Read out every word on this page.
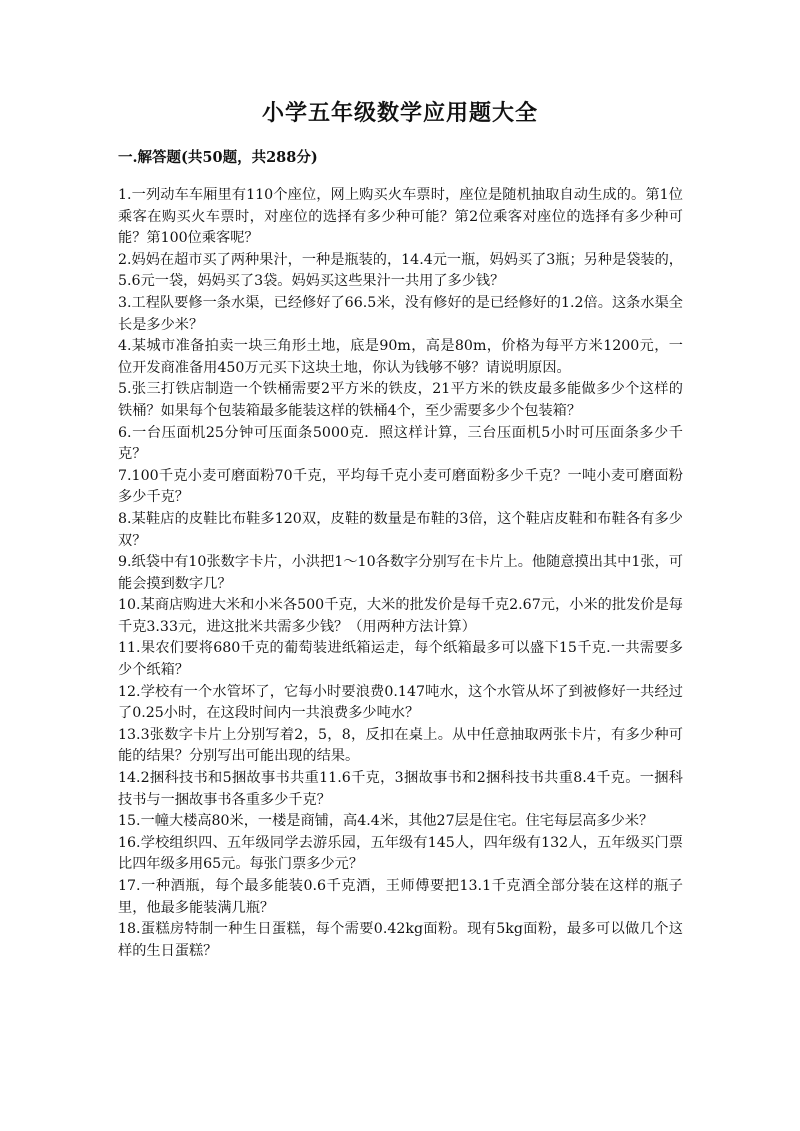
小学五年级数学应用题大全
一.解答题(共50题，共288分)

1.一列动车车厢里有110个座位，网上购买火车票时，座位是随机抽取自动生成的。第1位乘客在购买火车票时，对座位的选择有多少种可能？第2位乘客对座位的选择有多少种可能？第100位乘客呢？

2.妈妈在超市买了两种果汁，一种是瓶装的，14.4元一瓶，妈妈买了3瓶；另种是袋装的，5.6元一袋，妈妈买了3袋。妈妈买这些果汁一共用了多少钱？

3.工程队要修一条水渠，已经修好了66.5米，没有修好的是已经修好的1.2倍。这条水渠全长是多少米？

4.某城市准备拍卖一块三角形土地，底是90m，高是80m，价格为每平方米1200元，一位开发商准备用450万元买下这块土地，你认为钱够不够？请说明原因。

5.张三打铁店制造一个铁桶需要2平方米的铁皮，21平方米的铁皮最多能做多少个这样的铁桶？如果每个包装箱最多能装这样的铁桶4个，至少需要多少个包装箱？

6.一台压面机25分钟可压面条5000克．照这样计算，三台压面机5小时可压面条多少千克？

7.100千克小麦可磨面粉70千克，平均每千克小麦可磨面粉多少千克？一吨小麦可磨面粉多少千克？

8.某鞋店的皮鞋比布鞋多120双，皮鞋的数量是布鞋的3倍，这个鞋店皮鞋和布鞋各有多少双？

9.纸袋中有10张数字卡片，小洪把1～10各数字分别写在卡片上。他随意摸出其中1张，可能会摸到数字几？

10.某商店购进大米和小米各500千克，大米的批发价是每千克2.67元，小米的批发价是每千克3.33元，进这批米共需多少钱？（用两种方法计算）

11.果农们要将680千克的葡萄装进纸箱运走，每个纸箱最多可以盛下15千克.一共需要多少个纸箱？

12.学校有一个水管坏了，它每小时要浪费0.147吨水，这个水管从坏了到被修好一共经过了0.25小时，在这段时间内一共浪费多少吨水？

13.3张数字卡片上分别写着2，5，8，反扣在桌上。从中任意抽取两张卡片，有多少种可能的结果？分别写出可能出现的结果。

14.2捆科技书和5捆故事书共重11.6千克，3捆故事书和2捆科技书共重8.4千克。一捆科技书与一捆故事书各重多少千克？

15.一幢大楼高80米，一楼是商铺，高4.4米，其他27层是住宅。住宅每层高多少米？

16.学校组织四、五年级同学去游乐园，五年级有145人，四年级有132人，五年级买门票比四年级多用65元。每张门票多少元？

17.一种酒瓶，每个最多能装0.6千克酒，王师傅要把13.1千克酒全部分装在这样的瓶子里，他最多能装满几瓶？

18.蛋糕房特制一种生日蛋糕，每个需要0.42kg面粉。现有5kg面粉，最多可以做几个这样的生日蛋糕？
